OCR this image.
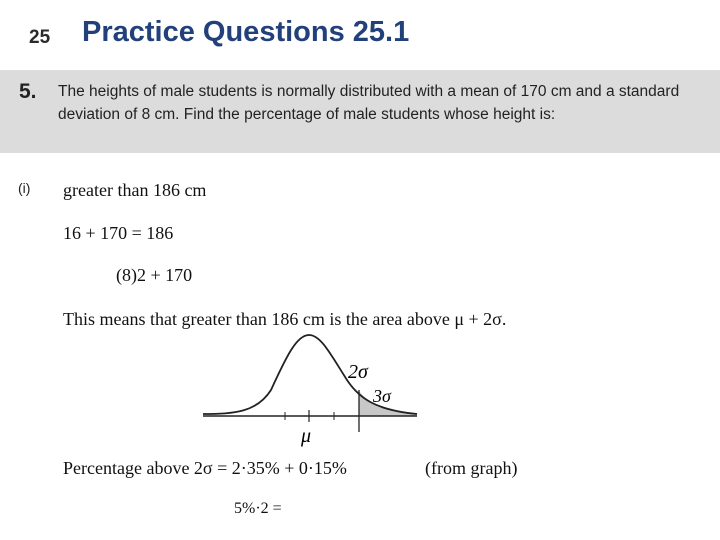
25 Practice Questions 25.1
5. The heights of male students is normally distributed with a mean of 170 cm and a standard deviation of 8 cm. Find the percentage of male students whose height is:
(i) greater than 186 cm
16 + 170 = 186
(8)2 + 170
This means that greater than 186 cm is the area above μ + 2σ.
2σ
3σ
μ
Percentage above 2σ = 2·35% + 0·15%	(from graph)
5%·2 =
